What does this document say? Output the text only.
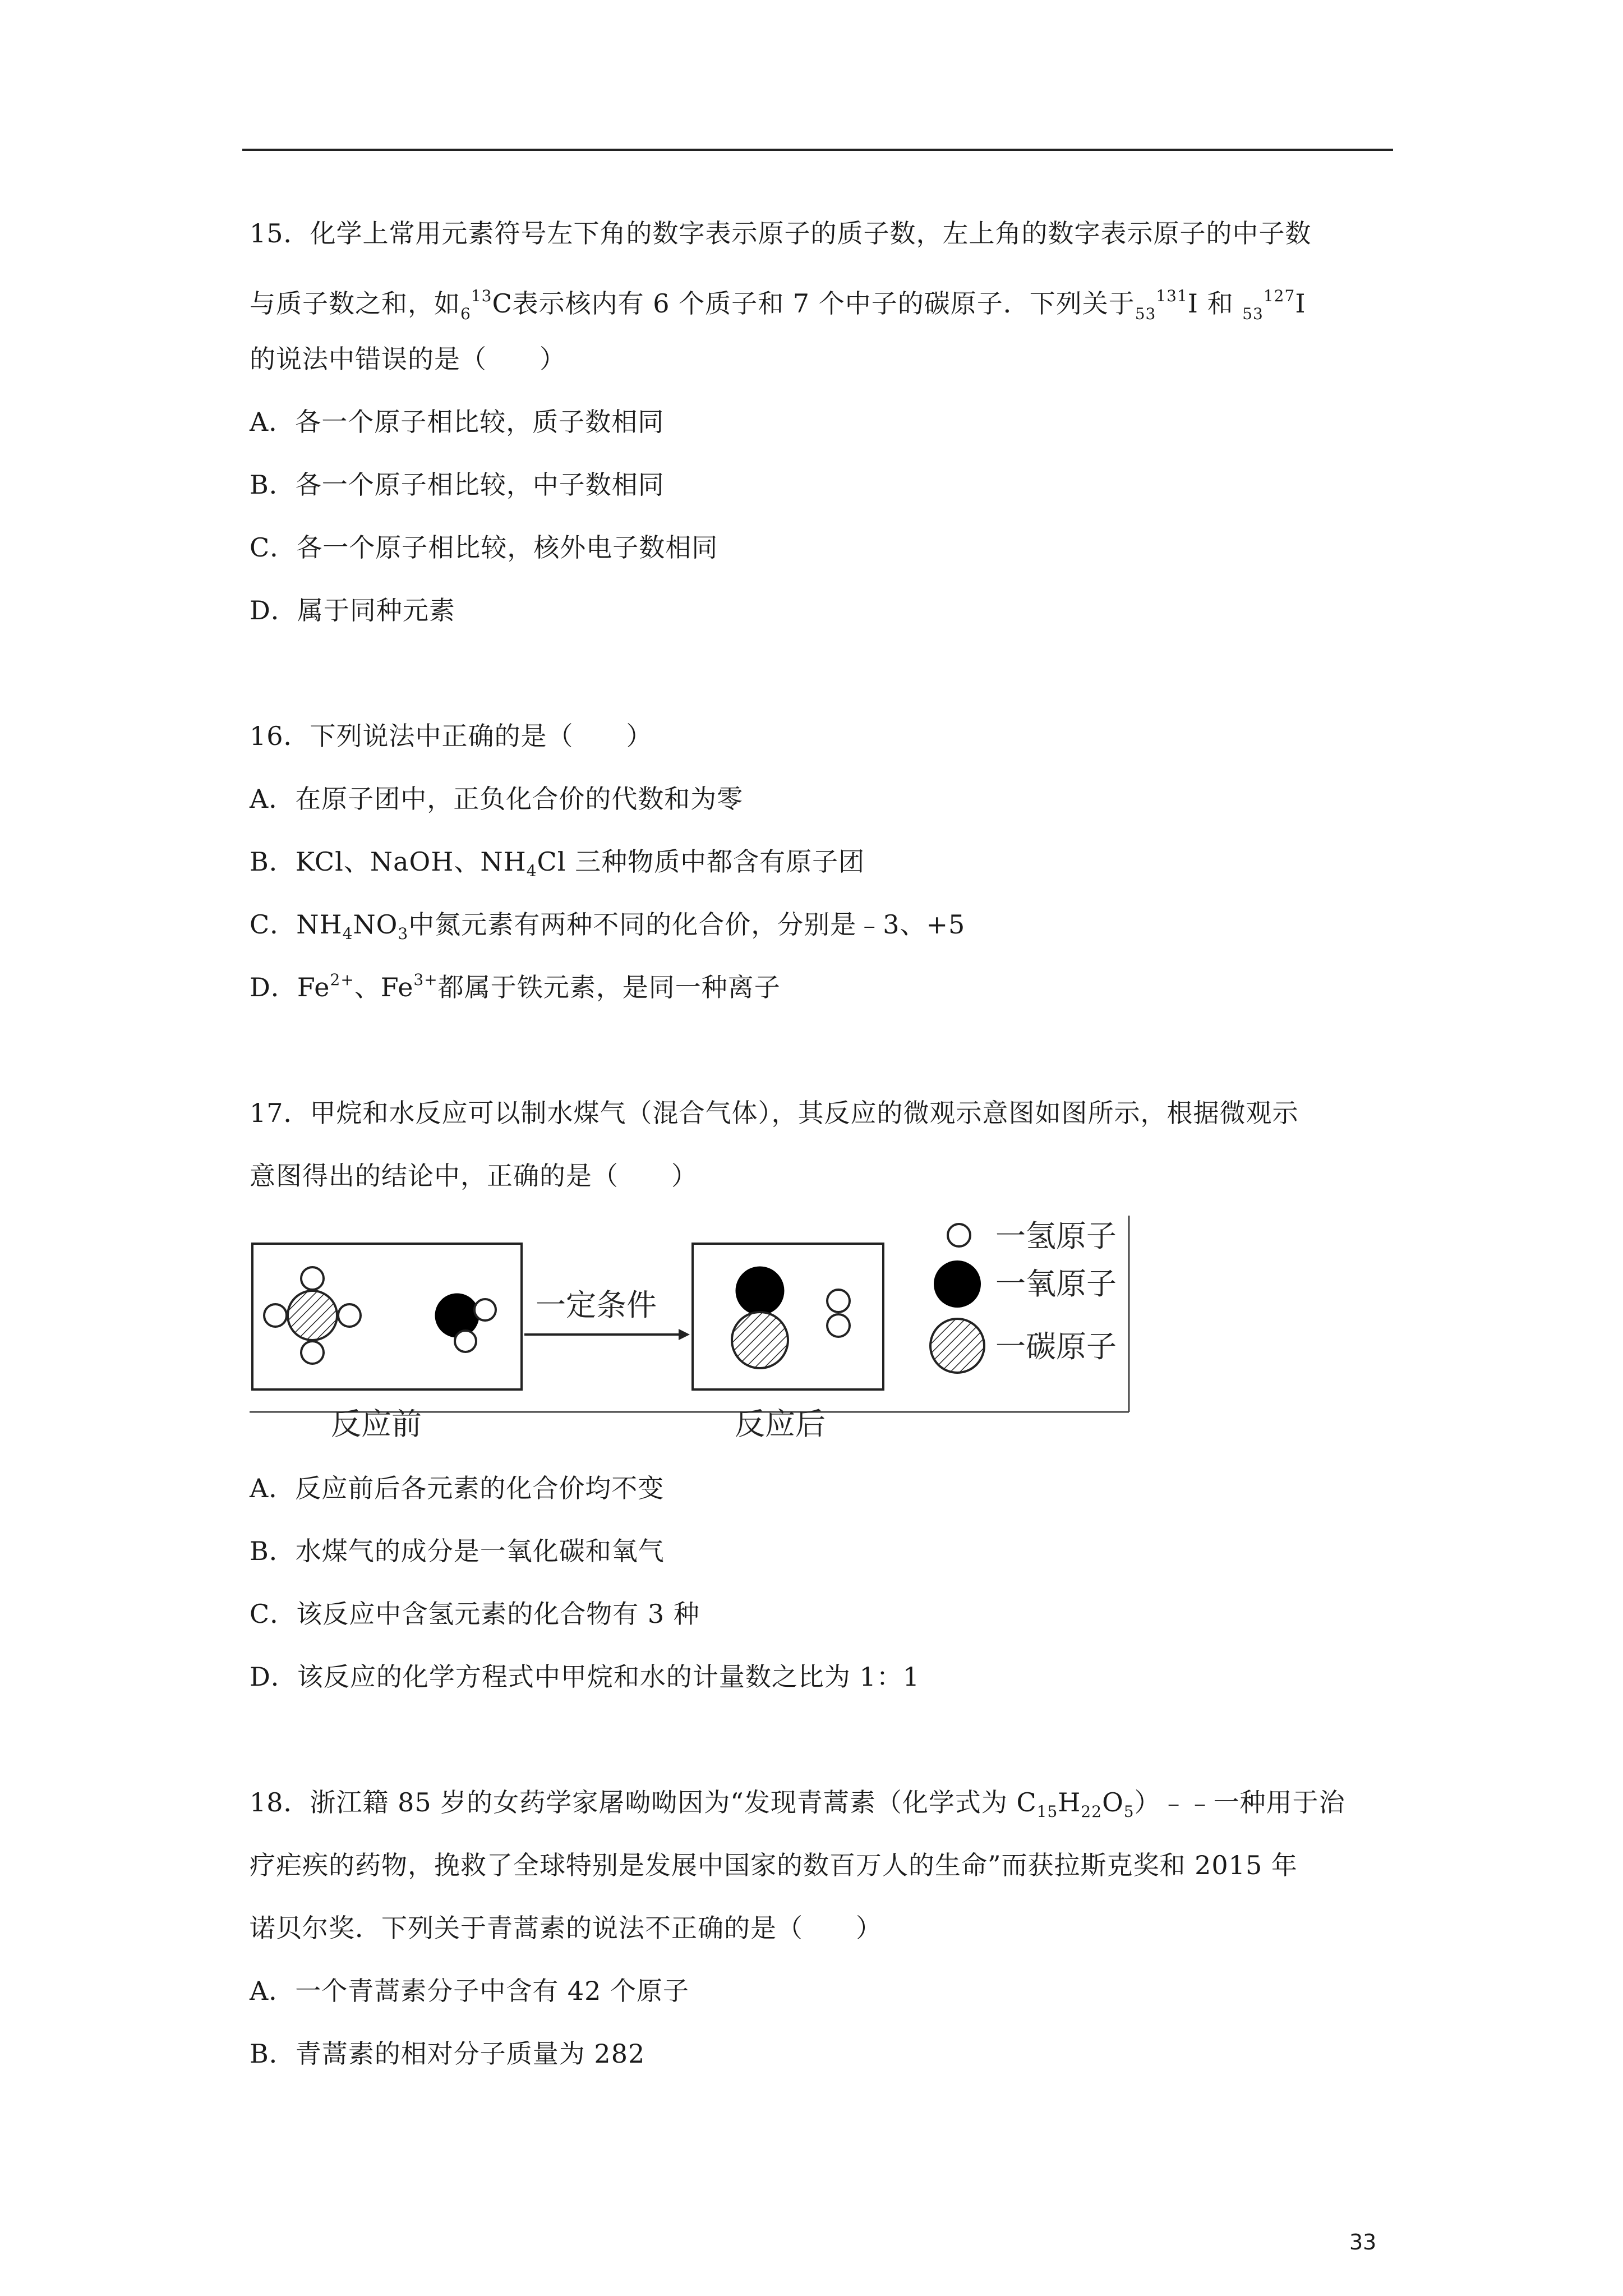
15．化学上常用元素符号左下角的数字表示原子的质子数，左上角的数字表示原子的中子数
与质子数之和，如$_6^{13}$C表示核内有 6 个质子和 7 个中子的碳原子．下列关于$_{53}^{131}$I 和 $_{53}^{127}$I
的说法中错误的是（　　）
A．各一个原子相比较，质子数相同
B．各一个原子相比较，中子数相同
C．各一个原子相比较，核外电子数相同
D．属于同种元素
16．下列说法中正确的是（　　）
A．在原子团中，正负化合价的代数和为零
B．KCl、NaOH、$NH_4Cl$ 三种物质中都含有原子团
C．$NH_4NO_3$中氮元素有两种不同的化合价，分别是﹣3、+5
D．$Fe^{2+}$、$Fe^{3+}$都属于铁元素，是同一种离子
17．甲烷和水反应可以制水煤气（混合气体），其反应的微观示意图如图所示，根据微观示
意图得出的结论中，正确的是（　　）
一定条件
反应前	反应后
一氢原子
一氧原子
一碳原子
A．反应前后各元素的化合价均不变
B．水煤气的成分是一氧化碳和氧气
C．该反应中含氢元素的化合物有 3 种
D．该反应的化学方程式中甲烷和水的计量数之比为 1：1
18．浙江籍 85 岁的女药学家屠呦呦因为“发现青蒿素（化学式为 $C_{15}H_{22}O_5)﹣﹣$一种用于治
疗疟疾的药物，挽救了全球特别是发展中国家的数百万人的生命”而获拉斯克奖和 2015 年
诺贝尔奖．下列关于青蒿素的说法不正确的是（　　）
A．一个青蒿素分子中含有 42 个原子
B．青蒿素的相对分子质量为 282
33
